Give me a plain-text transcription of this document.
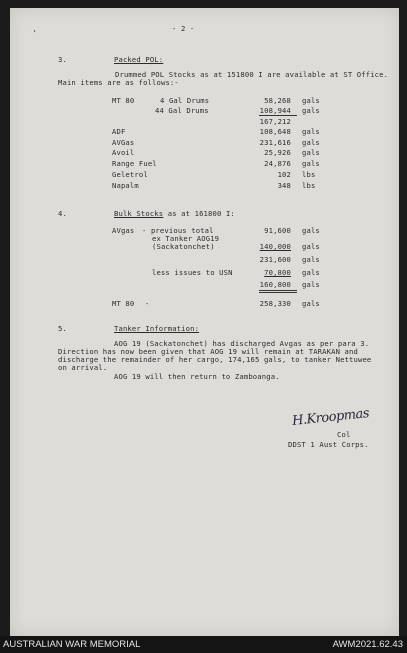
- 2 -
'
3.	Packed POL:
Drummed POL Stocks as at 151800 I are available at ST Office.
Main items are as follows:-
MT 80	4 Gal Drums	58,268 gals
44 Gal Drums	108,944 gals
167,212
ADF	108,648 gals
AVGas	231,616 gals
Avoil	25,926 gals
Range Fuel	24,876 gals
Geletrol	102 lbs
Napalm	348 lbs
4.	Bulk Stocks as at 161800 I:
AVgas - previous total	91,600 gals
ex Tanker AOG19
(Sackatonchet)	140,000 gals
231,600 gals
less issues to USN	70,800 gals
160,800 gals
MT 80 -	258,330 gals
5.	Tanker Information:
AOG 19 (Sackatonchet) has discharged Avgas as per para 3.
Direction has now been given that AOG 19 will remain at TARAKAN and
discharge the remainder of her cargo, 174,165 gals, to tanker Nettuwee
on arrival.
AOG 19 will then return to Zamboanga.
H.Kroopmas
Col
DDST 1 Aust Corps.
AUSTRALIAN WAR MEMORIAL	AWM2021.62.43
